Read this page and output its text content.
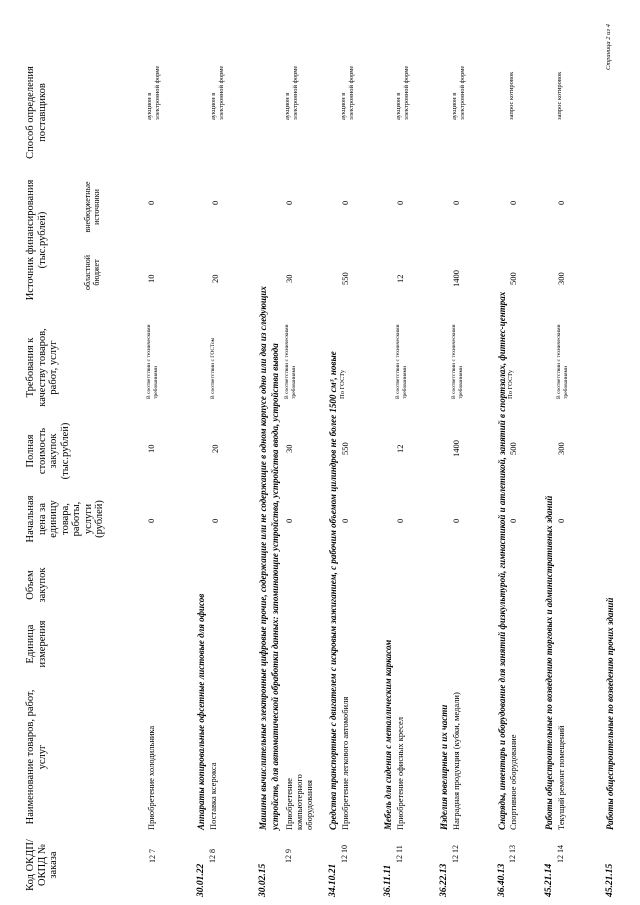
Код ОКДП/ ОКПД № заказа
Наименование товаров, работ, услуг
Единица измерения
Объем закупок
Начальная цена за единицу товара, работы, услуги (рублей)
Полная стоимость закупок (тыс.рублей)
Требования к качеству товаров, работ, услуг
Источник финансирования (тыс.рублей)
Способ определения поставщиков
областной бюджет
внебюджетные источники
12 7
Приобретение холодильника
0
10
В соответствии с техническими требованиями
10
0
аукцион в электронной форме
30.01.22
Аппараты копировальные офсетные листовые для офисов
12 8
Поставка ксерокса
0
20
В соответствии с ГОСТом
20
0
аукцион в электронной форме
30.02.15
Машины вычислительные электронные цифровые прочие, содержащие или не содержащие в одном корпусе одно или два из следующих устройств, для автоматической обработки данных: запоминающие устройства, устройства ввода, устройства вывода
12 9
Приобретение компьютерного оборудования
0
30
В соответствии с техническими требованиями
30
0
аукцион в электронной форме
34.10.21
Средства транспортные с двигателем с искровым зажиганием, с рабочим объемом цилиндров не более 1500 см³, новые
12 10
Приобретение легкового автомобиля
0
550
По ГОСТу
550
0
аукцион в электронной форме
36.11.11
Мебель для сидения с металлическим каркасом
12 11
Приобретение офисных кресел
0
12
В соответствии с техническими требованиями
12
0
аукцион в электронной форме
36.22.13
Изделия ювелирные и их части
12 12
Наградная продукция (кубки, медали)
0
1400
В соответствии с техническими требованиями
1400
0
аукцион в электронной форме
36.40.13
Снаряды, инвентарь и оборудование для занятий физкультурой, гимнастикой и атлетикой, занятий в спортзалах, фитнес-центрах
12 13
Спортивное оборудование
0
500
По ГОСТу
500
0
запрос котировок
45.21.14
Работы общестроительные по возведению торговых и административных зданий
12 14
Текущий ремонт помещений
0
300
В соответствии с техническими требованиями
300
0
запрос котировок
45.21.15
Работы общестроительные по возведению прочих зданий
Страница 2 из 4
